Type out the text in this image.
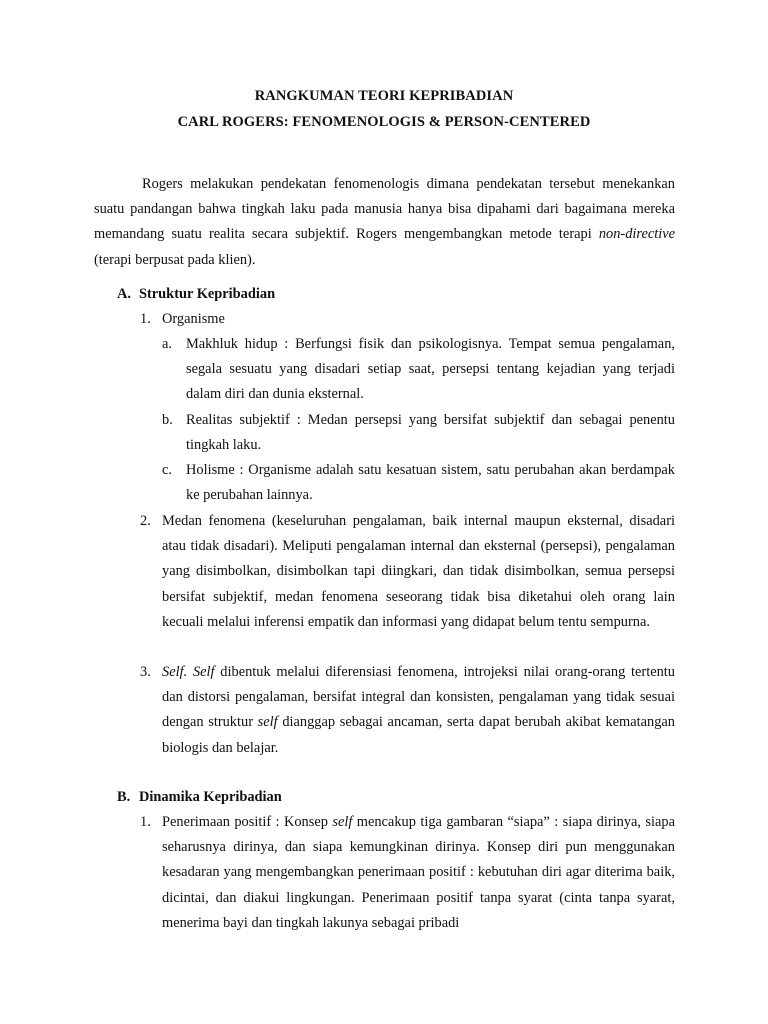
RANGKUMAN TEORI KEPRIBADIAN
CARL ROGERS: FENOMENOLOGIS & PERSON-CENTERED
Rogers melakukan pendekatan fenomenologis dimana pendekatan tersebut menekankan suatu pandangan bahwa tingkah laku pada manusia hanya bisa dipahami dari bagaimana mereka memandang suatu realita secara subjektif. Rogers mengembangkan metode terapi non-directive (terapi berpusat pada klien).
A. Struktur Kepribadian
1. Organisme
a. Makhluk hidup : Berfungsi fisik dan psikologisnya. Tempat semua pengalaman, segala sesuatu yang disadari setiap saat, persepsi tentang kejadian yang terjadi dalam diri dan dunia eksternal.
b. Realitas subjektif : Medan persepsi yang bersifat subjektif dan sebagai penentu tingkah laku.
c. Holisme : Organisme adalah satu kesatuan sistem, satu perubahan akan berdampak ke perubahan lainnya.
2. Medan fenomena (keseluruhan pengalaman, baik internal maupun eksternal, disadari atau tidak disadari). Meliputi pengalaman internal dan eksternal (persepsi), pengalaman yang disimbolkan, disimbolkan tapi diingkari, dan tidak disimbolkan, semua persepsi bersifat subjektif, medan fenomena seseorang tidak bisa diketahui oleh orang lain kecuali melalui inferensi empatik dan informasi yang didapat belum tentu sempurna.
3. Self. Self dibentuk melalui diferensiasi fenomena, introjeksi nilai orang-orang tertentu dan distorsi pengalaman, bersifat integral dan konsisten, pengalaman yang tidak sesuai dengan struktur self dianggap sebagai ancaman, serta dapat berubah akibat kematangan biologis dan belajar.
B. Dinamika Kepribadian
1. Penerimaan positif : Konsep self mencakup tiga gambaran “siapa” : siapa dirinya, siapa seharusnya dirinya, dan siapa kemungkinan dirinya. Konsep diri pun menggunakan kesadaran yang mengembangkan penerimaan positif : kebutuhan diri agar diterima baik, dicintai, dan diakui lingkungan. Penerimaan positif tanpa syarat (cinta tanpa syarat, menerima bayi dan tingkah lakunya sebagai pribadi
